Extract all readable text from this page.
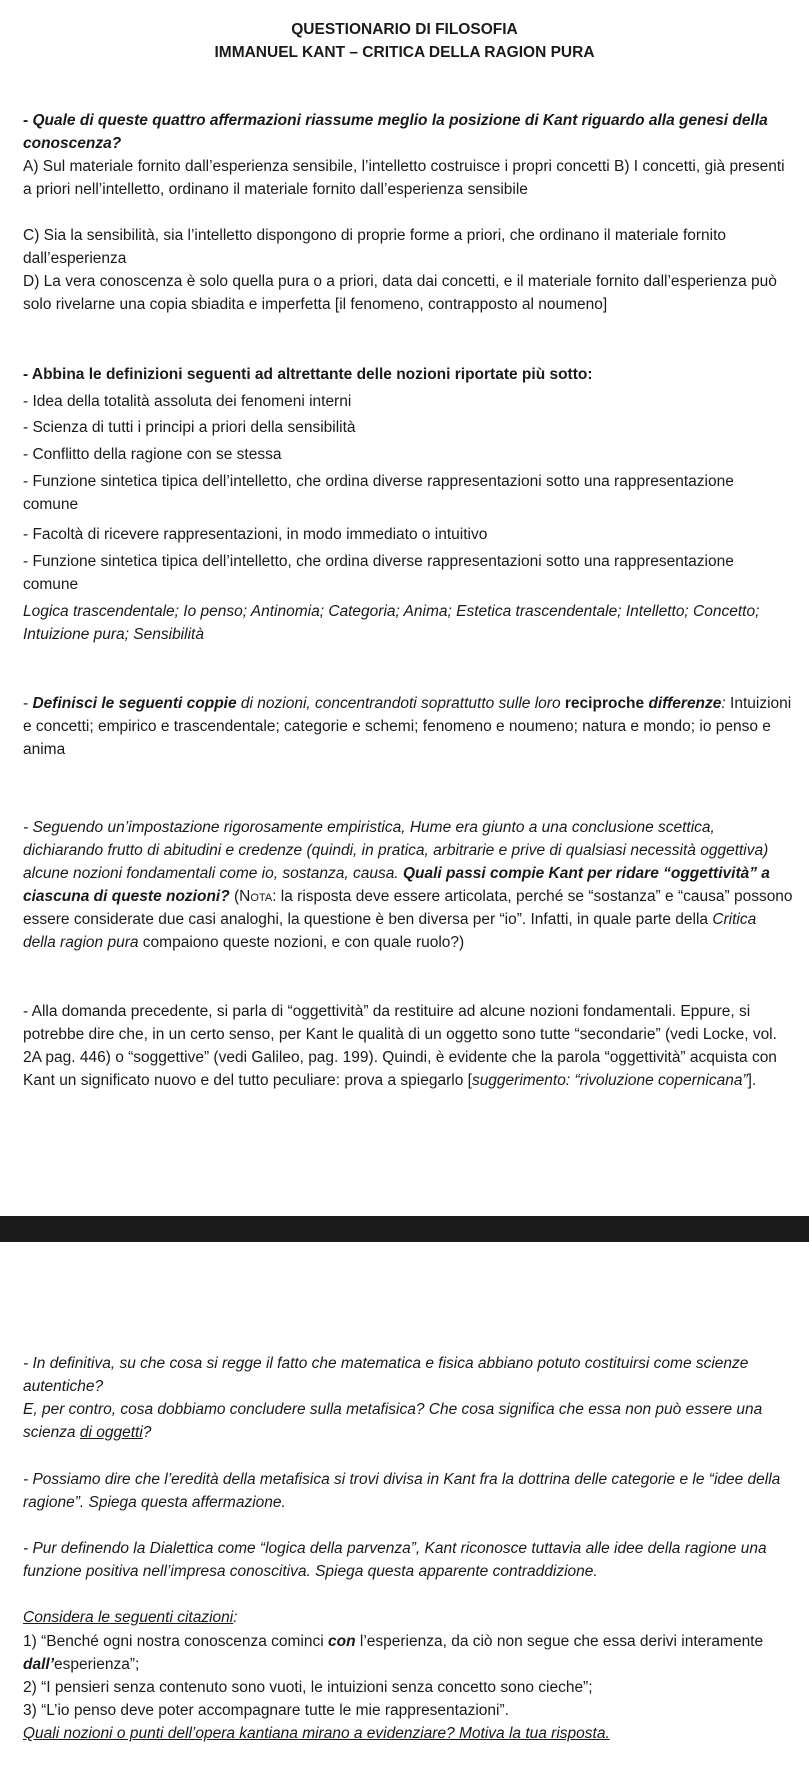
QUESTIONARIO DI FILOSOFIA
IMMANUEL KANT – CRITICA DELLA RAGION PURA

- Quale di queste quattro affermazioni riassume meglio la posizione di Kant riguardo alla genesi della conoscenza?

A) Sul materiale fornito dall’esperienza sensibile, l’intelletto costruisce i propri concetti B) I concetti, già presenti a priori nell’intelletto, ordinano il materiale fornito dall’esperienza sensibile

C) Sia la sensibilità, sia l’intelletto dispongono di proprie forme a priori, che ordinano il materiale fornito dall’esperienza

D) La vera conoscenza è solo quella pura o a priori, data dai concetti, e il materiale fornito dall’esperienza può solo rivelarne una copia sbiadita e imperfetta [il fenomeno, contrapposto al noumeno]

- Abbina le definizioni seguenti ad altrettante delle nozioni riportate più sotto:

- Idea della totalità assoluta dei fenomeni interni

- Scienza di tutti i principi a priori della sensibilità

- Conflitto della ragione con se stessa

- Funzione sintetica tipica dell’intelletto, che ordina diverse rappresentazioni sotto una rappresentazione comune

- Facoltà di ricevere rappresentazioni, in modo immediato o intuitivo

- Funzione sintetica tipica dell’intelletto, che ordina diverse rappresentazioni sotto una rappresentazione comune

Logica trascendentale; Io penso; Antinomia; Categoria; Anima; Estetica trascendentale; Intelletto; Concetto; Intuizione pura; Sensibilità

- Definisci le seguenti coppie di nozioni, concentrandoti soprattutto sulle loro reciproche differenze: Intuizioni e concetti; empirico e trascendentale; categorie e schemi; fenomeno e noumeno; natura e mondo; io penso e anima

- Seguendo un’impostazione rigorosamente empiristica, Hume era giunto a una conclusione scettica, dichiarando frutto di abitudini e credenze (quindi, in pratica, arbitrarie e prive di qualsiasi necessità oggettiva) alcune nozioni fondamentali come io, sostanza, causa. Quali passi compie Kant per ridare “oggettività” a ciascuna di queste nozioni? (Nota: la risposta deve essere articolata, perché se “sostanza” e “causa” possono essere considerate due casi analoghi, la questione è ben diversa per “io”. Infatti, in quale parte della Critica della ragion pura compaiono queste nozioni, e con quale ruolo?)

- Alla domanda precedente, si parla di “oggettività” da restituire ad alcune nozioni fondamentali. Eppure, si potrebbe dire che, in un certo senso, per Kant le qualità di un oggetto sono tutte “secondarie” (vedi Locke, vol. 2A pag. 446) o “soggettive” (vedi Galileo, pag. 199). Quindi, è evidente che la parola “oggettività” acquista con Kant un significato nuovo e del tutto peculiare: prova a spiegarlo [suggerimento: “rivoluzione copernicana”].

- In definitiva, su che cosa si regge il fatto che matematica e fisica abbiano potuto costituirsi come scienze autentiche?

E, per contro, cosa dobbiamo concludere sulla metafisica? Che cosa significa che essa non può essere una scienza di oggetti?

- Possiamo dire che l’eredità della metafisica si trovi divisa in Kant fra la dottrina delle categorie e le “idee della ragione”. Spiega questa affermazione.

- Pur definendo la Dialettica come “logica della parvenza”, Kant riconosce tuttavia alle idee della ragione una funzione positiva nell’impresa conoscitiva. Spiega questa apparente contraddizione.

Considera le seguenti citazioni:

1) “Benché ogni nostra conoscenza cominci con l’esperienza, da ciò non segue che essa derivi interamente dall’esperienza”;

2) “I pensieri senza contenuto sono vuoti, le intuizioni senza concetto sono cieche”;

3) “L’io penso deve poter accompagnare tutte le mie rappresentazioni”.

Quali nozioni o punti dell’opera kantiana mirano a evidenziare? Motiva la tua risposta.
